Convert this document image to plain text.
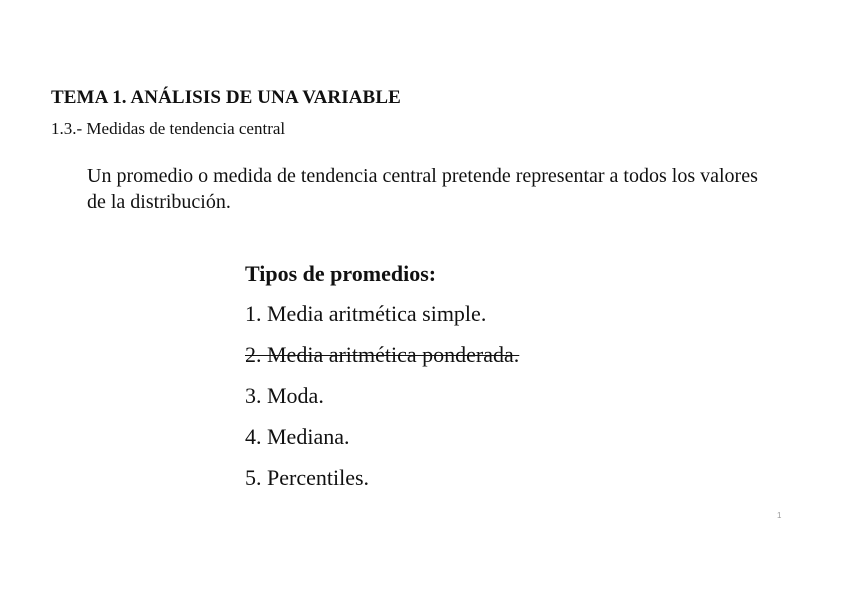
TEMA 1. ANÁLISIS DE UNA VARIABLE
1.3.- Medidas de tendencia central
Un promedio o medida de tendencia central pretende representar a todos los valores de la distribución.
Tipos de promedios:
1. Media aritmética simple.
2. Media aritmética ponderada.
3. Moda.
4. Mediana.
5. Percentiles.
1
